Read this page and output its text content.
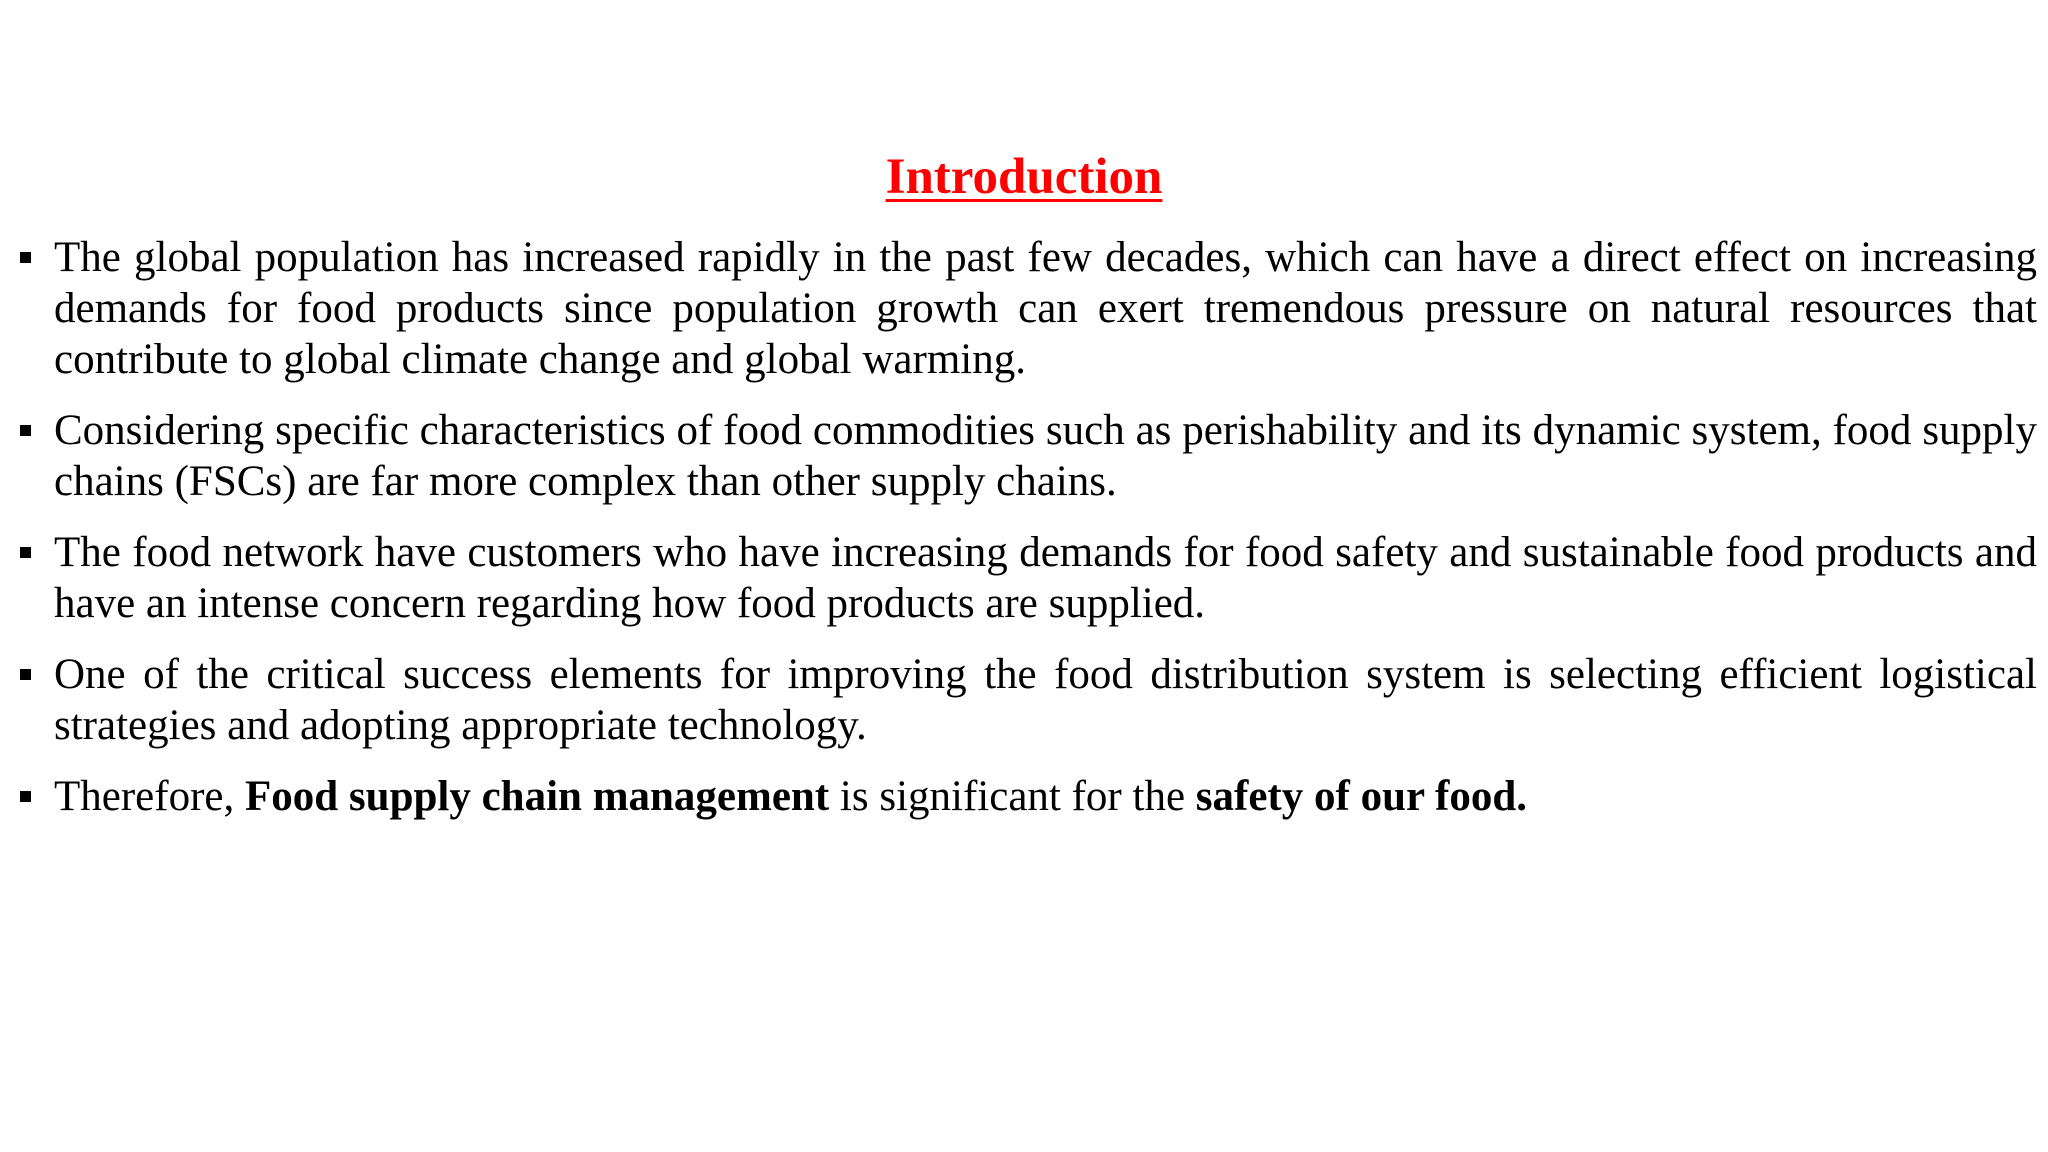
Introduction
The global population has increased rapidly in the past few decades, which can have a direct effect on increasing demands for food products since population growth can exert tremendous pressure on natural resources that contribute to global climate change and global warming.
Considering specific characteristics of food commodities such as perishability and its dynamic system, food supply chains (FSCs) are far more complex than other supply chains.
The food network have customers who have increasing demands for food safety and sustainable food products and have an intense concern regarding how food products are supplied.
One of the critical success elements for improving the food distribution system is selecting efficient logistical strategies and adopting appropriate technology.
Therefore, Food supply chain management is significant for the safety of our food.
